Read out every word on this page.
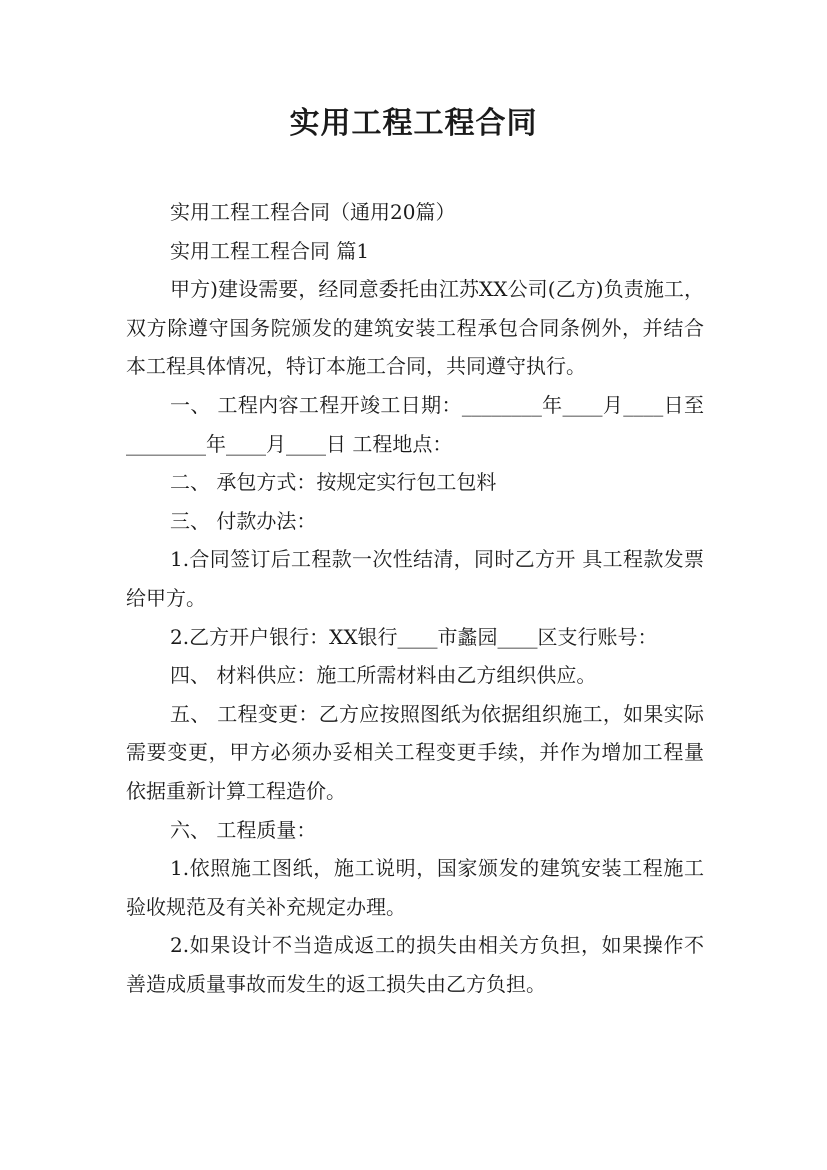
实用工程工程合同

实用工程工程合同（通用20篇）

实用工程工程合同 篇1

甲方)建设需要，经同意委托由江苏XX公司(乙方)负责施工，双方除遵守国务院颁发的建筑安装工程承包合同条例外，并结合本工程具体情况，特订本施工合同，共同遵守执行。

一、 工程内容工程开竣工日期：________年____月____日至________年____月____日 工程地点：

二、 承包方式：按规定实行包工包料

三、 付款办法：

1.合同签订后工程款一次性结清，同时乙方开 具工程款发票给甲方。

2.乙方开户银行：XX银行____市蠡园____区支行账号：

四、 材料供应：施工所需材料由乙方组织供应。

五、 工程变更：乙方应按照图纸为依据组织施工，如果实际需要变更，甲方必须办妥相关工程变更手续，并作为增加工程量依据重新计算工程造价。

六、 工程质量：

1.依照施工图纸，施工说明，国家颁发的建筑安装工程施工验收规范及有关补充规定办理。

2.如果设计不当造成返工的损失由相关方负担，如果操作不善造成质量事故而发生的返工损失由乙方负担。
